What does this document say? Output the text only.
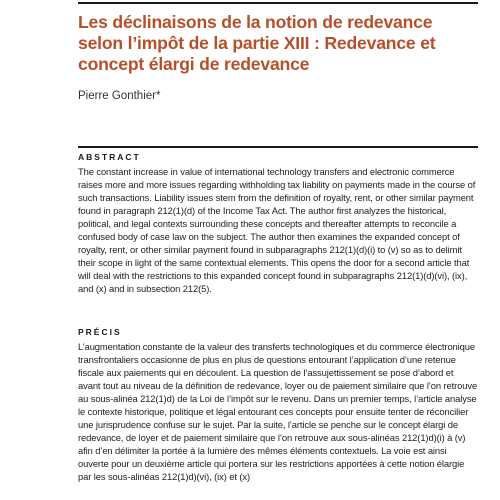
Les déclinaisons de la notion de redevance selon l’impôt de la partie XIII : Redevance et concept élargi de redevance
Pierre Gonthier*
ABSTRACT

The constant increase in value of international technology transfers and electronic commerce raises more and more issues regarding withholding tax liability on payments made in the course of such transactions. Liability issues stem from the definition of royalty, rent, or other similar payment found in paragraph 212(1)(d) of the Income Tax Act. The author first analyzes the historical, political, and legal contexts surrounding these concepts and thereafter attempts to reconcile a confused body of case law on the subject. The author then examines the expanded concept of royalty, rent, or other similar payment found in subparagraphs 212(1)(d)(i) to (v) so as to delimit their scope in light of the same contextual elements. This opens the door for a second article that will deal with the restrictions to this expanded concept found in subparagraphs 212(1)(d)(vi), (ix), and (x) and in subsection 212(5).

PRÉCIS

L’augmentation constante de la valeur des transferts technologiques et du commerce électronique transfrontaliers occasionne de plus en plus de questions entourant l’application d’une retenue fiscale aux paiements qui en découlent. La question de l’assujettissement se pose d’abord et avant tout au niveau de la définition de redevance, loyer ou de paiement similaire que l’on retrouve au sous-alinéa 212(1)d) de la Loi de l’impôt sur le revenu. Dans un premier temps, l’article analyse le contexte historique, politique et légal entourant ces concepts pour ensuite tenter de réconcilier une jurisprudence confuse sur le sujet. Par la suite, l’article se penche sur le concept élargi de redevance, de loyer et de paiement similaire que l’on retrouve aux sous-alinéas 212(1)d)(i) à (v) afin d’en délimiter la portée à la lumière des mêmes éléments contextuels. La voie est ainsi ouverte pour un deuxième article qui portera sur les restrictions apportées à cette notion élargie par les sous-alinéas 212(1)d)(vi), (ix) et (x)
